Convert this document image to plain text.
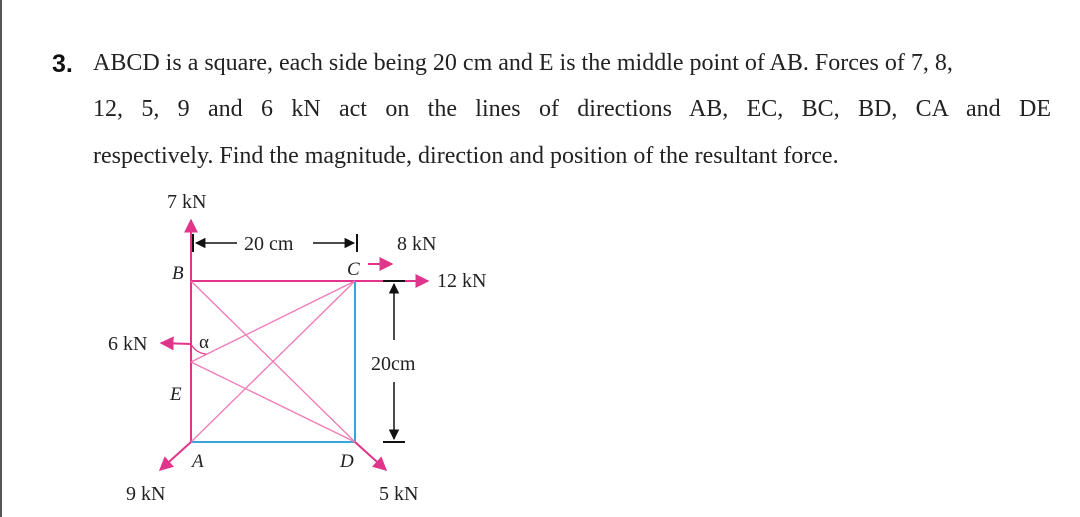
3. ABCD is a square, each side being 20 cm and E is the middle point of AB. Forces of 7, 8,
12, 5, 9 and 6 kN act on the lines of directions AB, EC, BC, BD, CA and DE
respectively. Find the magnitude, direction and position of the resultant force.
7 kN
20 cm	8 kN
12 kN
6 kN
20cm
9 kN	5 kN
B	C
E
A	D
α
